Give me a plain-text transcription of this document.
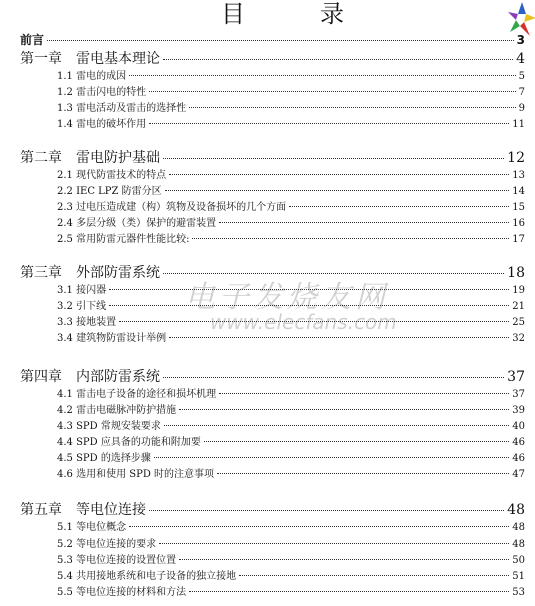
目	录
电子发烧友网
www.elecfans.com
前言	3
第一章 雷电基本理论	4
1.1 雷电的成因	5
1.2 雷击闪电的特性	7
1.3 雷电活动及雷击的选择性	9
1.4 雷电的破坏作用	11
第二章 雷电防护基础	12
2.1 现代防雷技术的特点	13
2.2 IEC LPZ 防雷分区	14
2.3 过电压造成建（构）筑物及设备损坏的几个方面	15
2.4 多层分级（类）保护的避雷装置	16
2.5 常用防雷元器件性能比较:	17
第三章 外部防雷系统	18
3.1 接闪器	19
3.2 引下线	21
3.3 接地装置	25
3.4 建筑物防雷设计举例	32
第四章 内部防雷系统	37
4.1 雷击电子设备的途径和损坏机理	37
4.2 雷击电磁脉冲防护措施	39
4.3 SPD 常规安装要求	40
4.4 SPD 应具备的功能和附加要	46
4.5 SPD 的选择步骤	46
4.6 选用和使用 SPD 时的注意事项	47
第五章 等电位连接	48
5.1 等电位概念	48
5.2 等电位连接的要求	48
5.3 等电位连接的设置位置	50
5.4 共用接地系统和电子设备的独立接地	51
5.5 等电位连接的材料和方法	53
